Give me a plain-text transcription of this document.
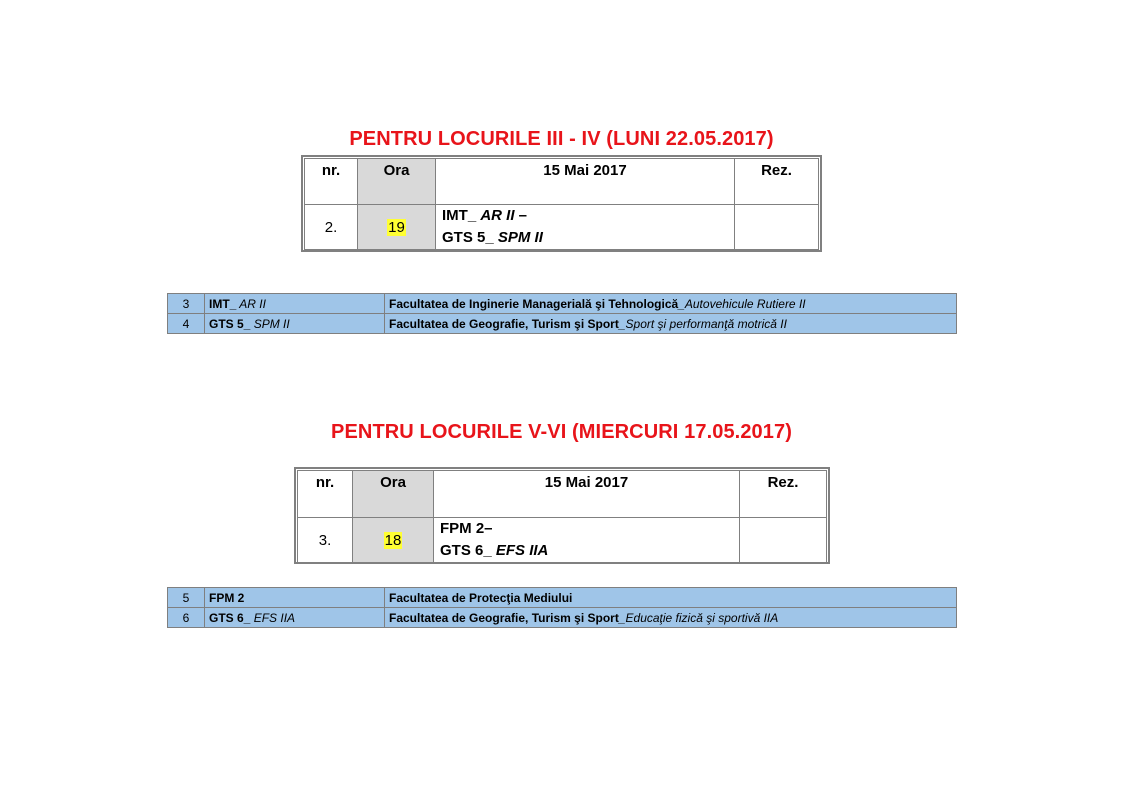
PENTRU LOCURILE III - IV (LUNI 22.05.2017)
nr.	Ora	15 Mai 2017	Rez.
2.	19	IMT_ AR II –
GTS 5_ SPM II	

3	IMT_ AR II	Facultatea de Inginerie Managerială şi Tehnologică_Autovehicule Rutiere II
4	GTS 5_ SPM II	Facultatea de Geografie, Turism şi Sport_Sport şi performanţă motrică II
PENTRU LOCURILE V-VI (MIERCURI 17.05.2017)
nr.	Ora	15 Mai 2017	Rez.
3.	18	FPM 2–
GTS 6_ EFS IIA	

5	FPM 2	Facultatea de Protecţia Mediului
6	GTS 6_ EFS IIA	Facultatea de Geografie, Turism şi Sport_Educaţie fizică şi sportivă IIA
